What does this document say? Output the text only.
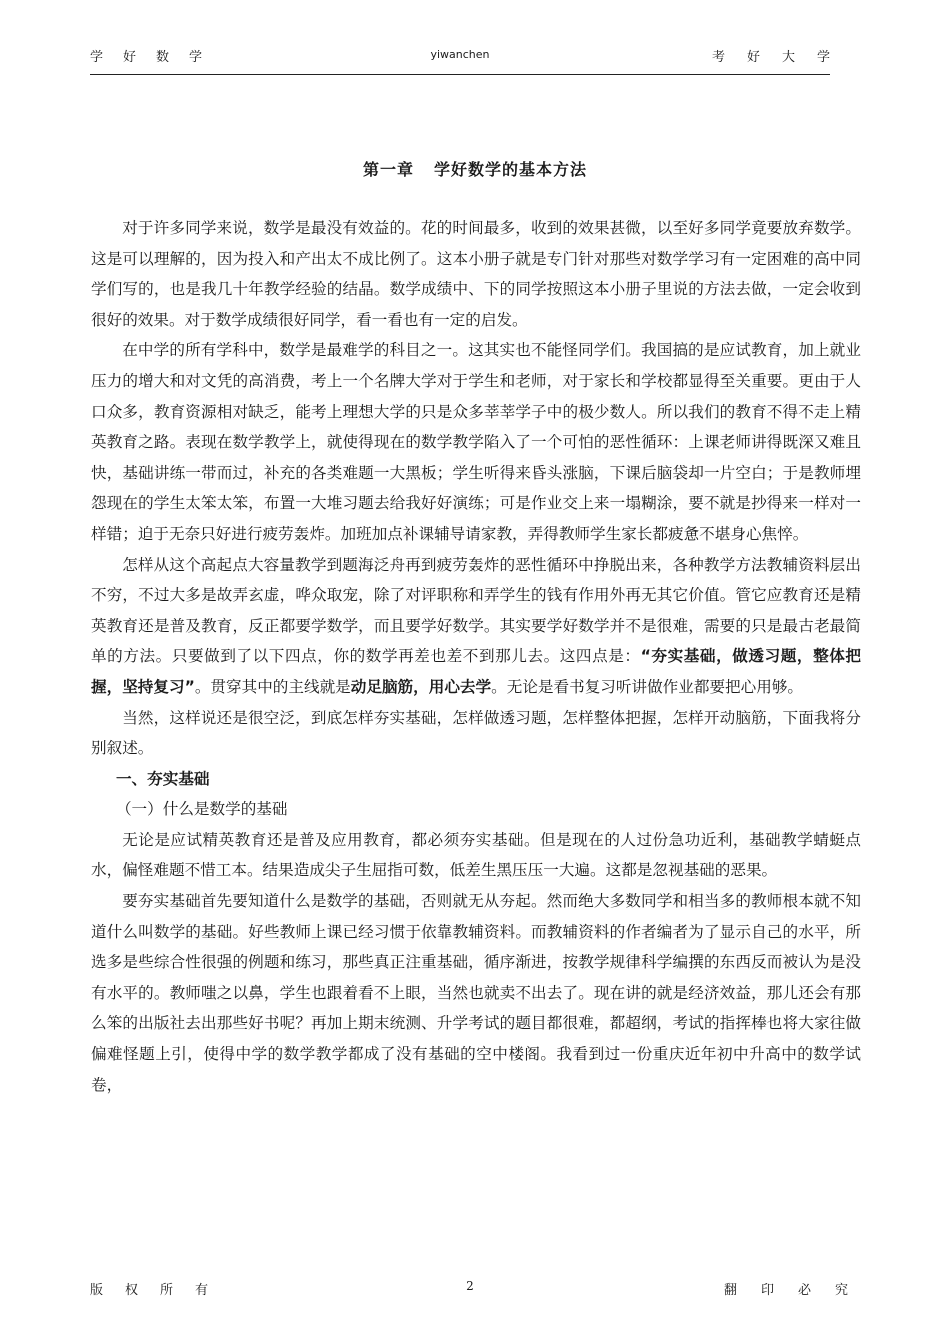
学好数学	yiwanchen	考好大学
第一章 学好数学的基本方法

对于许多同学来说，数学是最没有效益的。花的时间最多，收到的效果甚微，以至好多同学竟要放弃数学。这是可以理解的，因为投入和产出太不成比例了。这本小册子就是专门针对那些对数学学习有一定困难的高中同学们写的，也是我几十年教学经验的结晶。数学成绩中、下的同学按照这本小册子里说的方法去做，一定会收到很好的效果。对于数学成绩很好同学，看一看也有一定的启发。

在中学的所有学科中，数学是最难学的科目之一。这其实也不能怪同学们。我国搞的是应试教育，加上就业压力的增大和对文凭的高消费，考上一个名牌大学对于学生和老师，对于家长和学校都显得至关重要。更由于人口众多，教育资源相对缺乏，能考上理想大学的只是众多莘莘学子中的极少数人。所以我们的教育不得不走上精英教育之路。表现在数学教学上，就使得现在的数学教学陷入了一个可怕的恶性循环：上课老师讲得既深又难且快，基础讲练一带而过，补充的各类难题一大黑板；学生听得来昏头涨脑，下课后脑袋却一片空白；于是教师埋怨现在的学生太笨太笨，布置一大堆习题去给我好好演练；可是作业交上来一塌糊涂，要不就是抄得来一样对一样错；迫于无奈只好进行疲劳轰炸。加班加点补课辅导请家教，弄得教师学生家长都疲惫不堪身心焦悴。

怎样从这个高起点大容量教学到题海泛舟再到疲劳轰炸的恶性循环中挣脱出来，各种教学方法教辅资料层出不穷，不过大多是故弄玄虚，哗众取宠，除了对评职称和弄学生的钱有作用外再无其它价值。管它应教育还是精英教育还是普及教育，反正都要学数学，而且要学好数学。其实要学好数学并不是很难，需要的只是最古老最简单的方法。只要做到了以下四点，你的数学再差也差不到那儿去。这四点是：“夯实基础，做透习题，整体把握，坚持复习”。贯穿其中的主线就是动足脑筋，用心去学。无论是看书复习听讲做作业都要把心用够。

当然，这样说还是很空泛，到底怎样夯实基础，怎样做透习题，怎样整体把握，怎样开动脑筋，下面我将分别叙述。

一、夯实基础

（一）什么是数学的基础

无论是应试精英教育还是普及应用教育，都必须夯实基础。但是现在的人过份急功近利，基础教学蜻蜓点水，偏怪难题不惜工本。结果造成尖子生屈指可数，低差生黑压压一大遍。这都是忽视基础的恶果。

要夯实基础首先要知道什么是数学的基础，否则就无从夯起。然而绝大多数同学和相当多的教师根本就不知道什么叫数学的基础。好些教师上课已经习惯于依靠教辅资料。而教辅资料的作者编者为了显示自己的水平，所选多是些综合性很强的例题和练习，那些真正注重基础，循序渐进，按教学规律科学编撰的东西反而被认为是没有水平的。教师嗤之以鼻，学生也跟着看不上眼，当然也就卖不出去了。现在讲的就是经济效益，那儿还会有那么笨的出版社去出那些好书呢？再加上期末统测、升学考试的题目都很难，都超纲，考试的指挥棒也将大家往做偏难怪题上引，使得中学的数学教学都成了没有基础的空中楼阁。我看到过一份重庆近年初中升高中的数学试卷，

版权所有	2	翻印必究
